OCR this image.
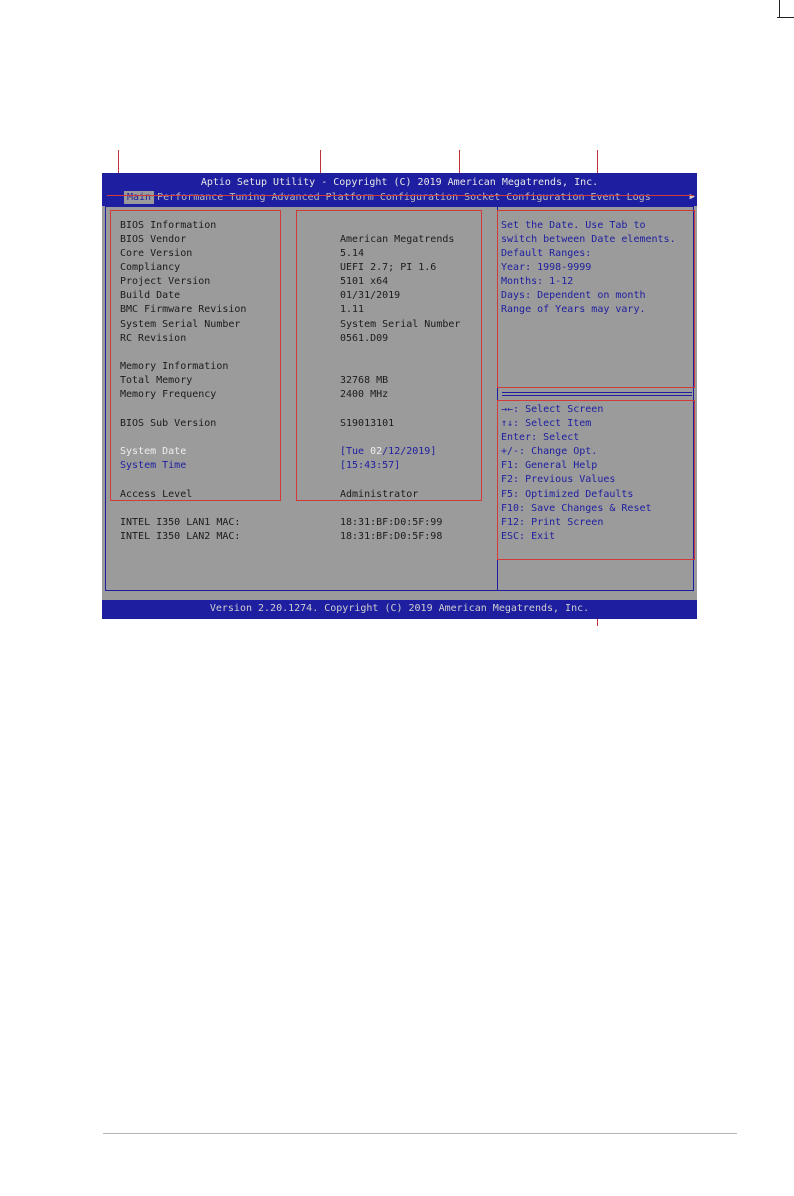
Aptio Setup Utility - Copyright (C) 2019 American Megatrends, Inc.
Main Performance Tuning Advanced Platform Configuration Socket Configuration Event Logs	▶
BIOS Information
BIOS Vendor
Core Version
Compliancy
Project Version
Build Date
BMC Firmware Revision
System Serial Number
RC Revision
Memory Information
Total Memory
Memory Frequency
BIOS Sub Version
System Date
System Time
Access Level
INTEL I350 LAN1 MAC:
INTEL I350 LAN2 MAC:
American Megatrends
5.14
UEFI 2.7; PI 1.6
5101 x64
01/31/2019
1.11
System Serial Number
0561.D09
32768 MB
2400 MHz
S19013101
[Tue 02/12/2019]
[15:43:57]
Administrator
18:31:BF:D0:5F:99
18:31:BF:D0:5F:98
Set the Date. Use Tab to
switch between Date elements.
Default Ranges:
Year: 1998-9999
Months: 1-12
Days: Dependent on month
Range of Years may vary.
→←: Select Screen
↑↓: Select Item
Enter: Select
+/-: Change Opt.
F1: General Help
F2: Previous Values
F5: Optimized Defaults
F10: Save Changes & Reset
F12: Print Screen
ESC: Exit
Version 2.20.1274. Copyright (C) 2019 American Megatrends, Inc.
